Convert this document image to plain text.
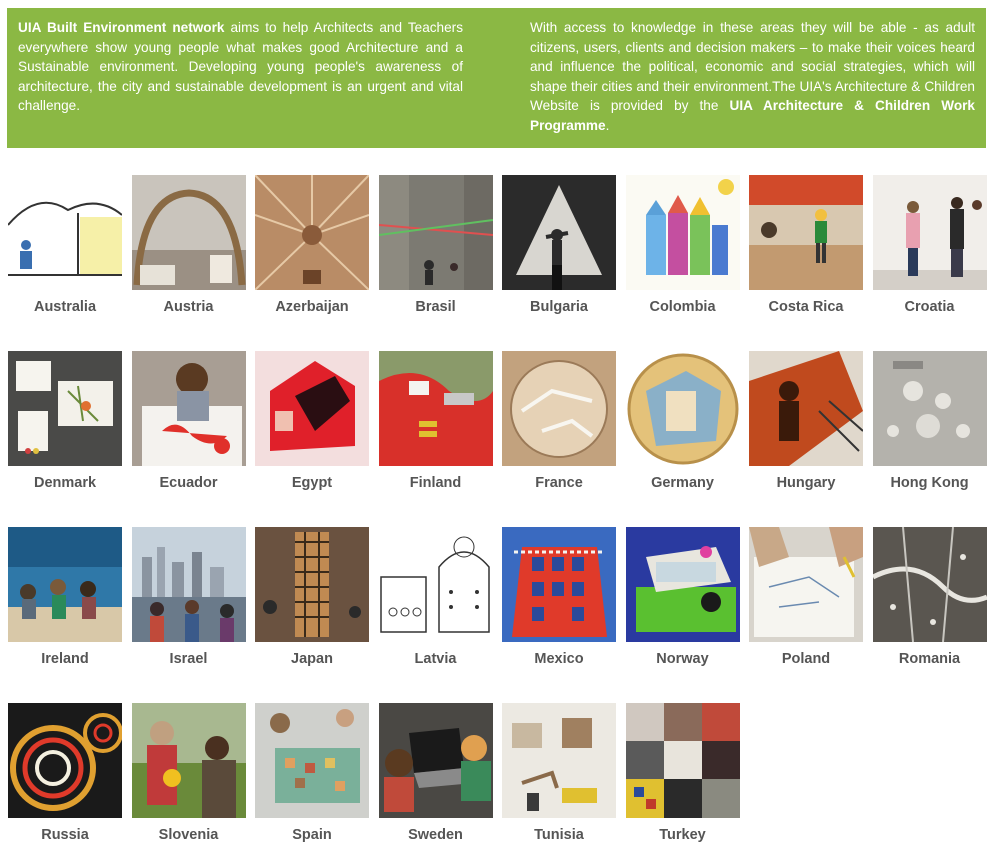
UIA Built Environment network aims to help Architects and Teachers everywhere show young people what makes good Architecture and a Sustainable environment. Developing young people's awareness of architecture, the city and sustainable development is an urgent and vital challenge.
With access to knowledge in these areas they will be able - as adult citizens, users, clients and decision makers – to make their voices heard and influence the political, economic and social strategies, which will shape their cities and their environment.The UIA's Architecture & Children Website is provided by the UIA Architecture & Children Work Programme.
Australia	Austria	Azerbaijan	Brasil	Bulgaria	Colombia	Costa Rica	Croatia
Denmark	Ecuador	Egypt	Finland	France	Germany	Hungary	Hong Kong
Ireland	Israel	Japan	Latvia	Mexico	Norway	Poland	Romania
Russia	Slovenia	Spain	Sweden	Tunisia	Turkey
